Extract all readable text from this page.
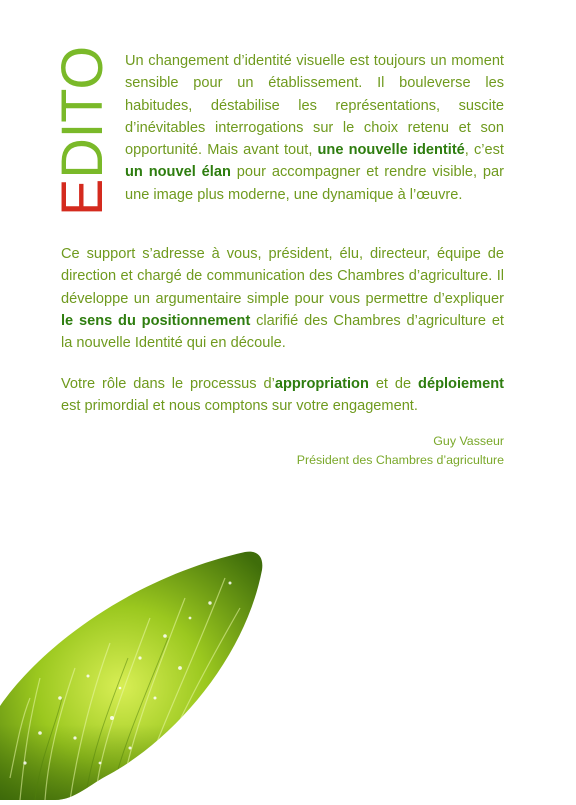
EDITO Un changement d’identité visuelle est toujours un moment sensible pour un établissement. Il bouleverse les habitudes, déstabilise les représentations, suscite d’inévitables interrogations sur le choix retenu et son opportunité. Mais avant tout, une nouvelle identité, c’est un nouvel élan pour accompagner et rendre visible, par une image plus moderne, une dynamique à l’œuvre.

Ce support s’adresse à vous, président, élu, directeur, équipe de direction et chargé de communication des Chambres d’agriculture. Il développe un argumentaire simple pour vous permettre d’expliquer le sens du positionnement clarifié des Chambres d’agriculture et la nouvelle Identité qui en découle.

Votre rôle dans le processus d’appropriation et de déploiement est primordial et nous comptons sur votre engagement.

Guy Vasseur
Président des Chambres d’agriculture
